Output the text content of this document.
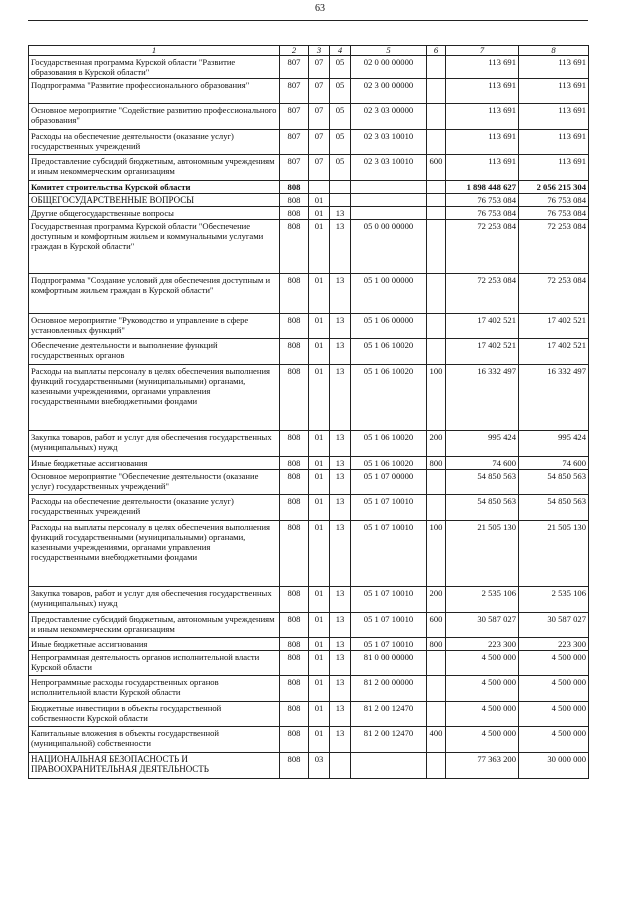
63
1	2	3	4	5	6	7	8
Государственная программа Курской области "Развитие образования в Курской области"	807	07	05	02 0 00 00000		113 691	113 691
Подпрограмма "Развитие профессионального образования"	807	07	05	02 3 00 00000		113 691	113 691
Основное мероприятие "Содействие развитию профессионального образования"	807	07	05	02 3 03 00000		113 691	113 691
Расходы на обеспечение деятельности (оказание услуг) государственных учреждений	807	07	05	02 3 03 10010		113 691	113 691
Предоставление субсидий бюджетным, автономным учреждениям и иным некоммерческим организациям	807	07	05	02 3 03 10010	600	113 691	113 691
Комитет строительства Курской области	808					1 898 448 627	2 056 215 304
ОБЩЕГОСУДАРСТВЕННЫЕ ВОПРОСЫ	808	01				76 753 084	76 753 084
Другие общегосударственные вопросы	808	01	13			76 753 084	76 753 084
Государственная программа Курской области "Обеспечение доступным и комфортным жильем и коммунальными услугами граждан в Курской области"	808	01	13	05 0 00 00000		72 253 084	72 253 084
Подпрограмма "Создание условий для обеспечения доступным и комфортным жильем граждан в Курской области"	808	01	13	05 1 00 00000		72 253 084	72 253 084
Основное мероприятие "Руководство и управление в сфере установленных функций"	808	01	13	05 1 06 00000		17 402 521	17 402 521
Обеспечение деятельности и выполнение функций государственных органов	808	01	13	05 1 06 10020		17 402 521	17 402 521
Расходы на выплаты персоналу в целях обеспечения выполнения функций государственными (муниципальными) органами, казенными учреждениями, органами управления государственными внебюджетными фондами	808	01	13	05 1 06 10020	100	16 332 497	16 332 497
Закупка товаров, работ и услуг для обеспечения государственных (муниципальных) нужд	808	01	13	05 1 06 10020	200	995 424	995 424
Иные бюджетные ассигнования	808	01	13	05 1 06 10020	800	74 600	74 600
Основное мероприятие "Обеспечение деятельности (оказание услуг) государственных учреждений"	808	01	13	05 1 07 00000		54 850 563	54 850 563
Расходы на обеспечение деятельности (оказание услуг) государственных учреждений	808	01	13	05 1 07 10010		54 850 563	54 850 563
Расходы на выплаты персоналу в целях обеспечения выполнения функций государственными (муниципальными) органами, казенными учреждениями, органами управления государственными внебюджетными фондами	808	01	13	05 1 07 10010	100	21 505 130	21 505 130
Закупка товаров, работ и услуг для обеспечения государственных (муниципальных) нужд	808	01	13	05 1 07 10010	200	2 535 106	2 535 106
Предоставление субсидий бюджетным, автономным учреждениям и иным некоммерческим организациям	808	01	13	05 1 07 10010	600	30 587 027	30 587 027
Иные бюджетные ассигнования	808	01	13	05 1 07 10010	800	223 300	223 300
Непрограммная деятельность органов исполнительной власти Курской области	808	01	13	81 0 00 00000		4 500 000	4 500 000
Непрограммные расходы государственных органов исполнительной власти Курской области	808	01	13	81 2 00 00000		4 500 000	4 500 000
Бюджетные инвестиции в объекты государственной собственности Курской области	808	01	13	81 2 00 12470		4 500 000	4 500 000
Капитальные вложения в объекты государственной (муниципальной) собственности	808	01	13	81 2 00 12470	400	4 500 000	4 500 000
НАЦИОНАЛЬНАЯ БЕЗОПАСНОСТЬ И ПРАВООХРАНИТЕЛЬНАЯ ДЕЯТЕЛЬНОСТЬ	808	03				77 363 200	30 000 000
